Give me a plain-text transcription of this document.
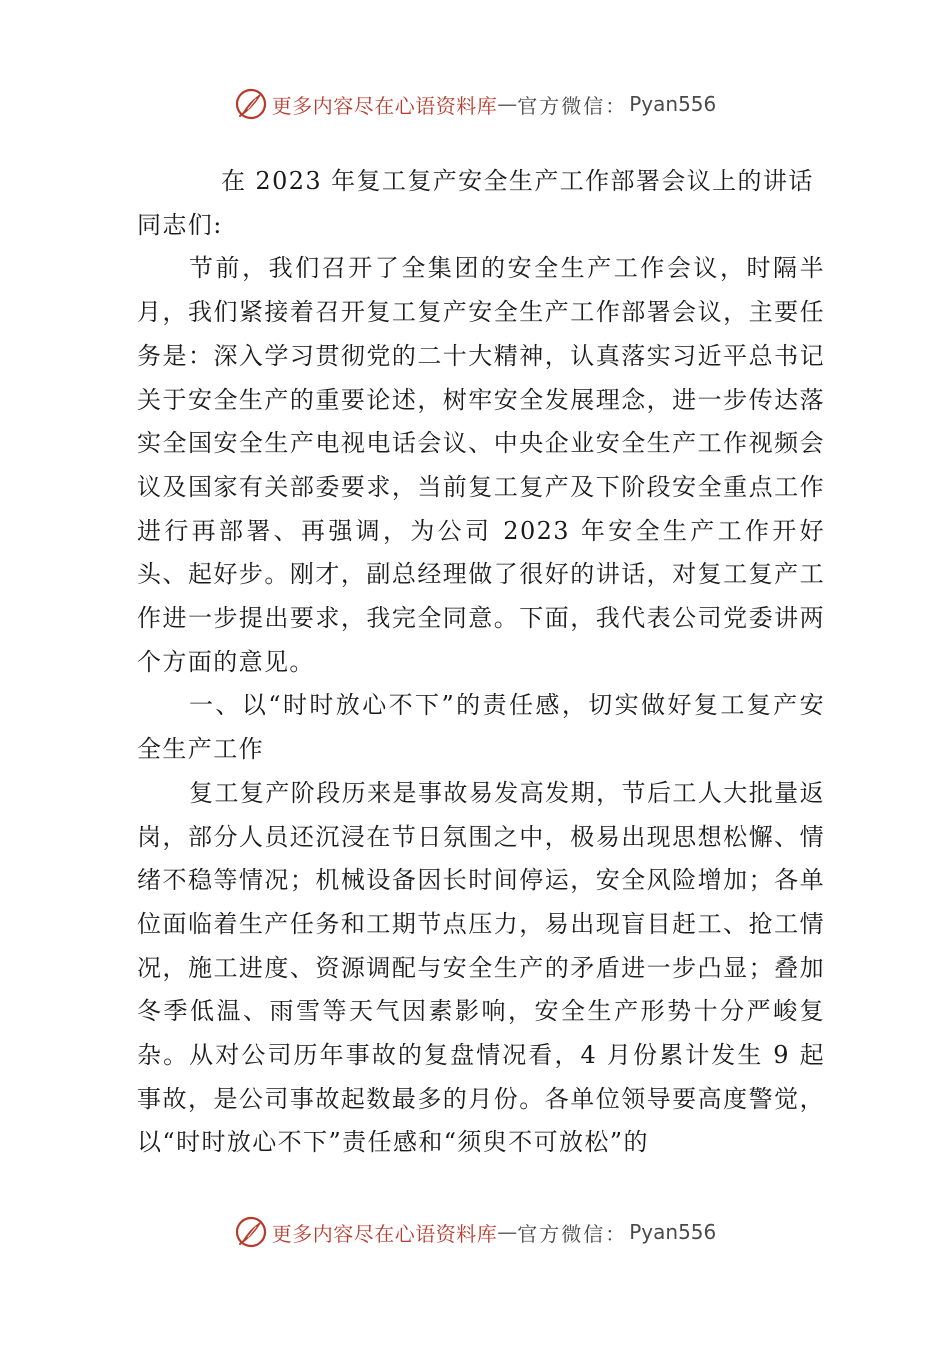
更多内容尽在心语资料库 — 官方微信： Pyan556

在 2023 年复工复产安全生产工作部署会议上的讲话

同志们:

节前，我们召开了全集团的安全生产工作会议，时隔半月，我们紧接着召开复工复产安全生产工作部署会议，主要任务是：深入学习贯彻党的二十大精神，认真落实习近平总书记关于安全生产的重要论述，树牢安全发展理念，进一步传达落实全国安全生产电视电话会议、中央企业安全生产工作视频会议及国家有关部委要求，当前复工复产及下阶段安全重点工作进行再部署、再强调，为公司 2023 年安全生产工作开好头、起好步。刚才，副总经理做了很好的讲话，对复工复产工作进一步提出要求，我完全同意。下面，我代表公司党委讲两个方面的意见。

一、以“时时放心不下”的责任感，切实做好复工复产安全生产工作

复工复产阶段历来是事故易发高发期，节后工人大批量返岗，部分人员还沉浸在节日氛围之中，极易出现思想松懈、情绪不稳等情况；机械设备因长时间停运，安全风险增加；各单位面临着生产任务和工期节点压力，易出现盲目赶工、抢工情况，施工进度、资源调配与安全生产的矛盾进一步凸显；叠加冬季低温、雨雪等天气因素影响，安全生产形势十分严峻复杂。从对公司历年事故的复盘情况看，4 月份累计发生 9 起事故，是公司事故起数最多的月份。各单位领导要高度警觉，以“时时放心不下”责任感和“须臾不可放松”的

更多内容尽在心语资料库 — 官方微信： Pyan556
